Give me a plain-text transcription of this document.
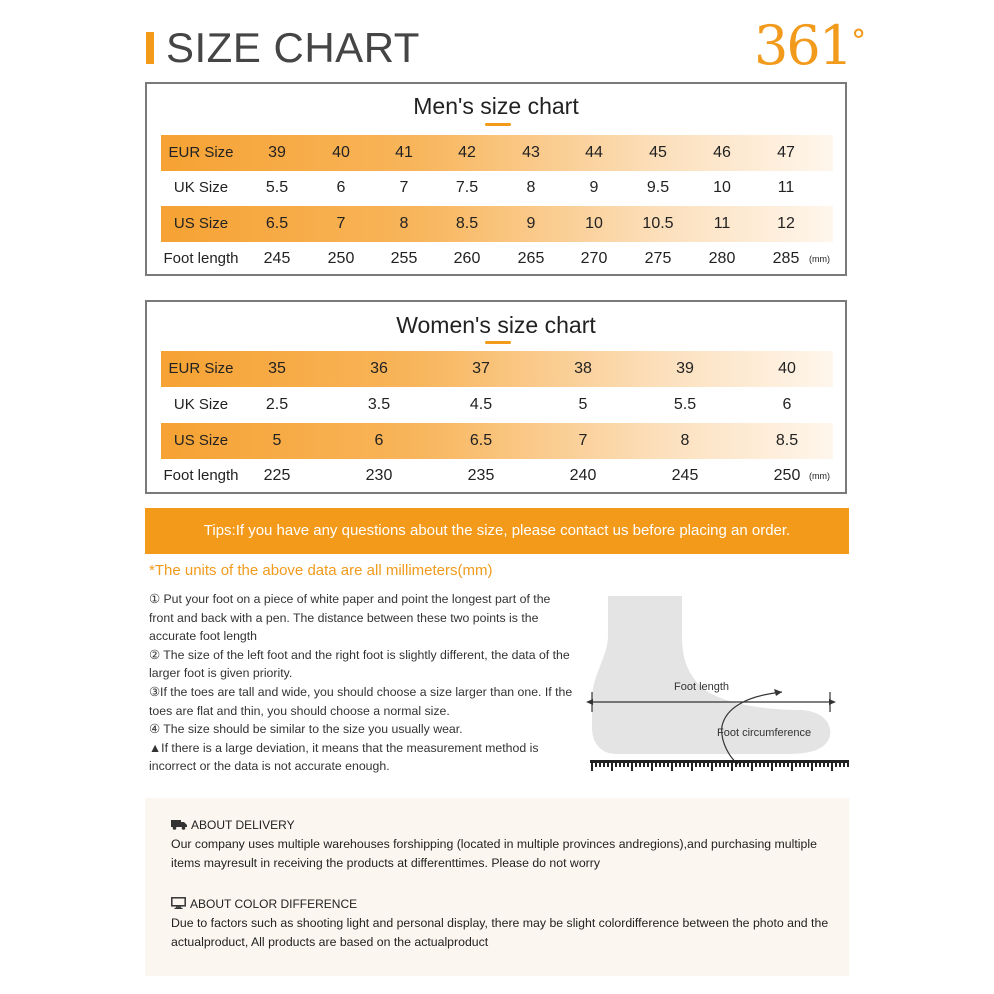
SIZE CHART	361°
Men's size chart
EUR Size	39	40	41	42	43	44	45	46	47
UK Size	5.5	6	7	7.5	8	9	9.5	10	11
US Size	6.5	7	8	8.5	9	10	10.5	11	12
Foot length	245	250	255	260	265	270	275	280	285	(mm)
Women's size chart
EUR Size	35	36	37	38	39	40
UK Size	2.5	3.5	4.5	5	5.5	6
US Size	5	6	6.5	7	8	8.5
Foot length	225	230	235	240	245	250 (mm)
Tips:If you have any questions about the size, please contact us before placing an order.
*The units of the above data are all millimeters(mm)

① Put your foot on a piece of white paper and point the longest part of the front and back with a pen. The distance between these two points is the accurate foot length

② The size of the left foot and the right foot is slightly different, the data of the larger foot is given priority.

③If the toes are tall and wide, you should choose a size larger than one. If the toes are flat and thin, you should choose a normal size.

④ The size should be similar to the size you usually wear.

▲If there is a large deviation, it means that the measurement method is incorrect or the data is not accurate enough.

Foot length
Foot circumference
ABOUT DELIVERY
Our company uses multiple warehouses forshipping (located in multiple provinces andregions),and purchasing multiple items mayresult in receiving the products at differenttimes. Please do not worry
ABOUT COLOR DIFFERENCE
Due to factors such as shooting light and personal display, there may be slight colordifference between the photo and the actualproduct, All products are based on the actualproduct
